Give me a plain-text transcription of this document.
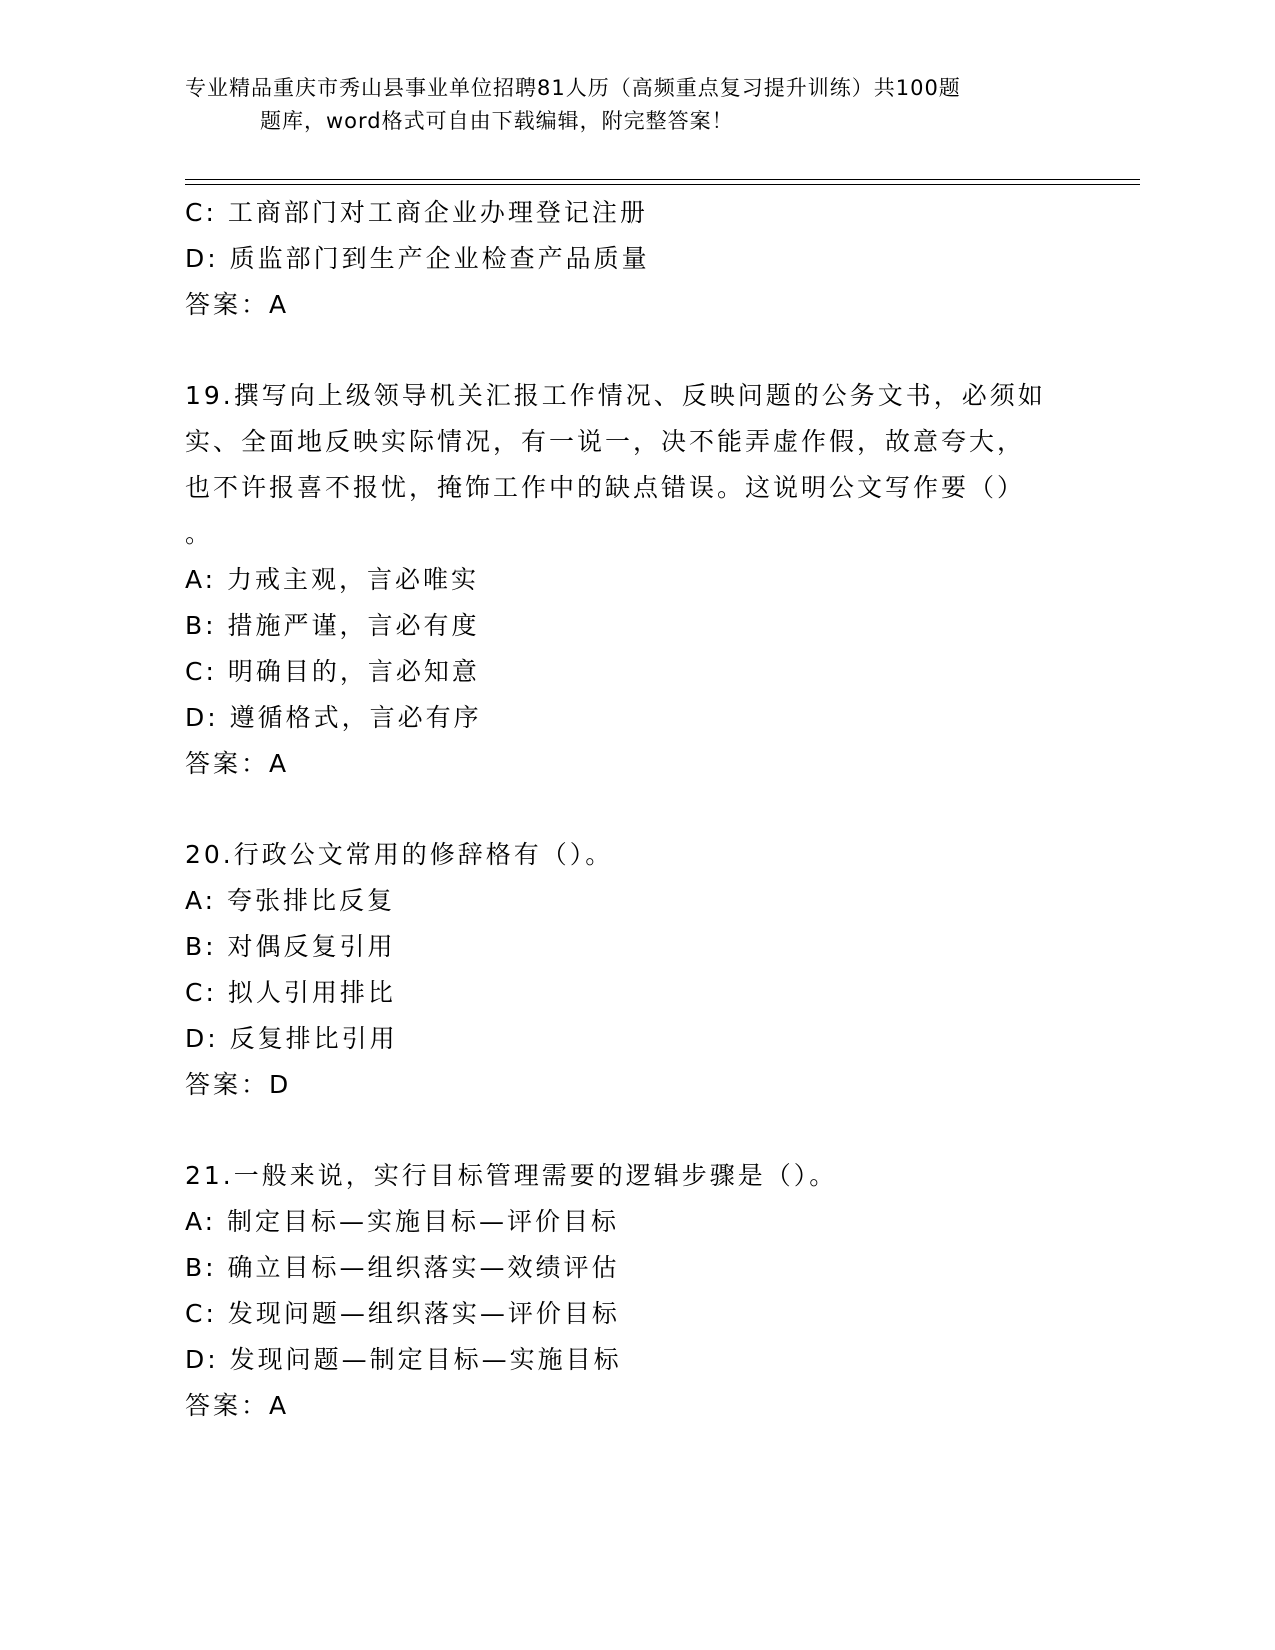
专业精品重庆市秀山县事业单位招聘81人历（高频重点复习提升训练）共100题
题库，word格式可自由下载编辑，附完整答案！
C: 工商部门对工商企业办理登记注册
D: 质监部门到生产企业检查产品质量
答案：A
19.撰写向上级领导机关汇报工作情况、反映问题的公务文书，必须如
实、全面地反映实际情况，有一说一，决不能弄虚作假，故意夸大，
也不许报喜不报忧，掩饰工作中的缺点错误。这说明公文写作要（）
。
A: 力戒主观，言必唯实
B: 措施严谨，言必有度
C: 明确目的，言必知意
D: 遵循格式，言必有序
答案：A
20.行政公文常用的修辞格有（）。
A: 夸张排比反复
B: 对偶反复引用
C: 拟人引用排比
D: 反复排比引用
答案：D
21.一般来说，实行目标管理需要的逻辑步骤是（）。
A: 制定目标—实施目标—评价目标
B: 确立目标—组织落实—效绩评估
C: 发现问题—组织落实—评价目标
D: 发现问题—制定目标—实施目标
答案：A
